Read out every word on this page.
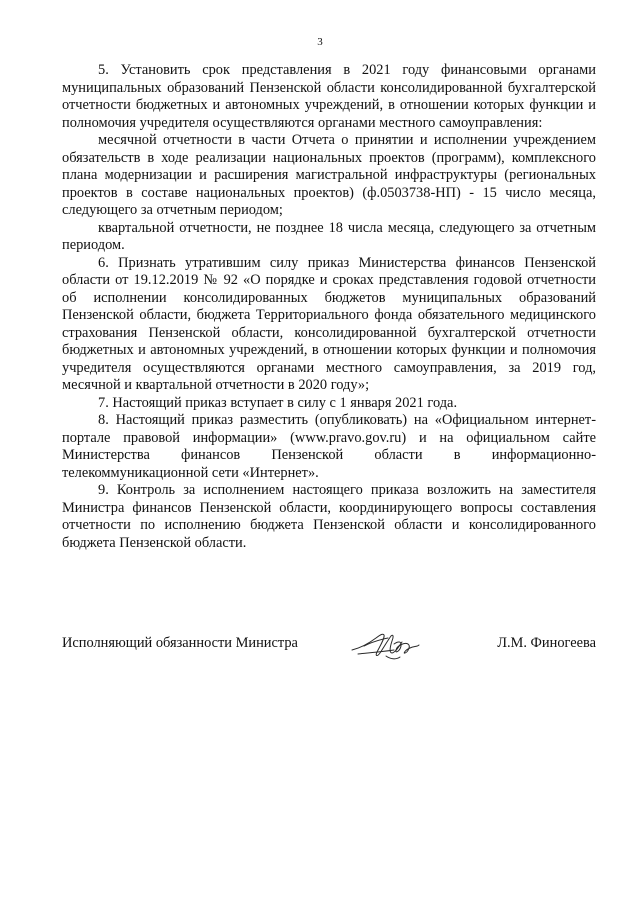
3

5. Установить срок представления в 2021 году финансовыми органами муниципальных образований Пензенской области консолидированной бухгалтерской отчетности бюджетных и автономных учреждений, в отношении которых функции и полномочия учредителя осуществляются органами местного самоуправления:

месячной отчетности в части Отчета о принятии и исполнении учреждением обязательств в ходе реализации национальных проектов (программ), комплексного плана модернизации и расширения магистральной инфраструктуры (региональных проектов в составе национальных проектов) (ф.0503738-НП) - 15 число месяца, следующего за отчетным периодом;

квартальной отчетности, не позднее 18 числа месяца, следующего за отчетным периодом.

6. Признать утратившим силу приказ Министерства финансов Пензенской области от 19.12.2019 № 92 «О порядке и сроках представления годовой отчетности об исполнении консолидированных бюджетов муниципальных образований Пензенской области, бюджета Территориального фонда обязательного медицинского страхования Пензенской области, консолидированной бухгалтерской отчетности бюджетных и автономных учреждений, в отношении которых функции и полномочия учредителя осуществляются органами местного самоуправления, за 2019 год, месячной и квартальной отчетности в 2020 году»;

7. Настоящий приказ вступает в силу с 1 января 2021 года.

8. Настоящий приказ разместить (опубликовать) на «Официальном интернет-портале правовой информации» (www.pravo.gov.ru) и на официальном сайте Министерства финансов Пензенской области в информационно-телекоммуникационной сети «Интернет».

9. Контроль за исполнением настоящего приказа возложить на заместителя Министра финансов Пензенской области, координирующего вопросы составления отчетности по исполнению бюджета Пензенской области и консолидированного бюджета Пензенской области.

Исполняющий обязанности Министра	Л.М. Финогеева
